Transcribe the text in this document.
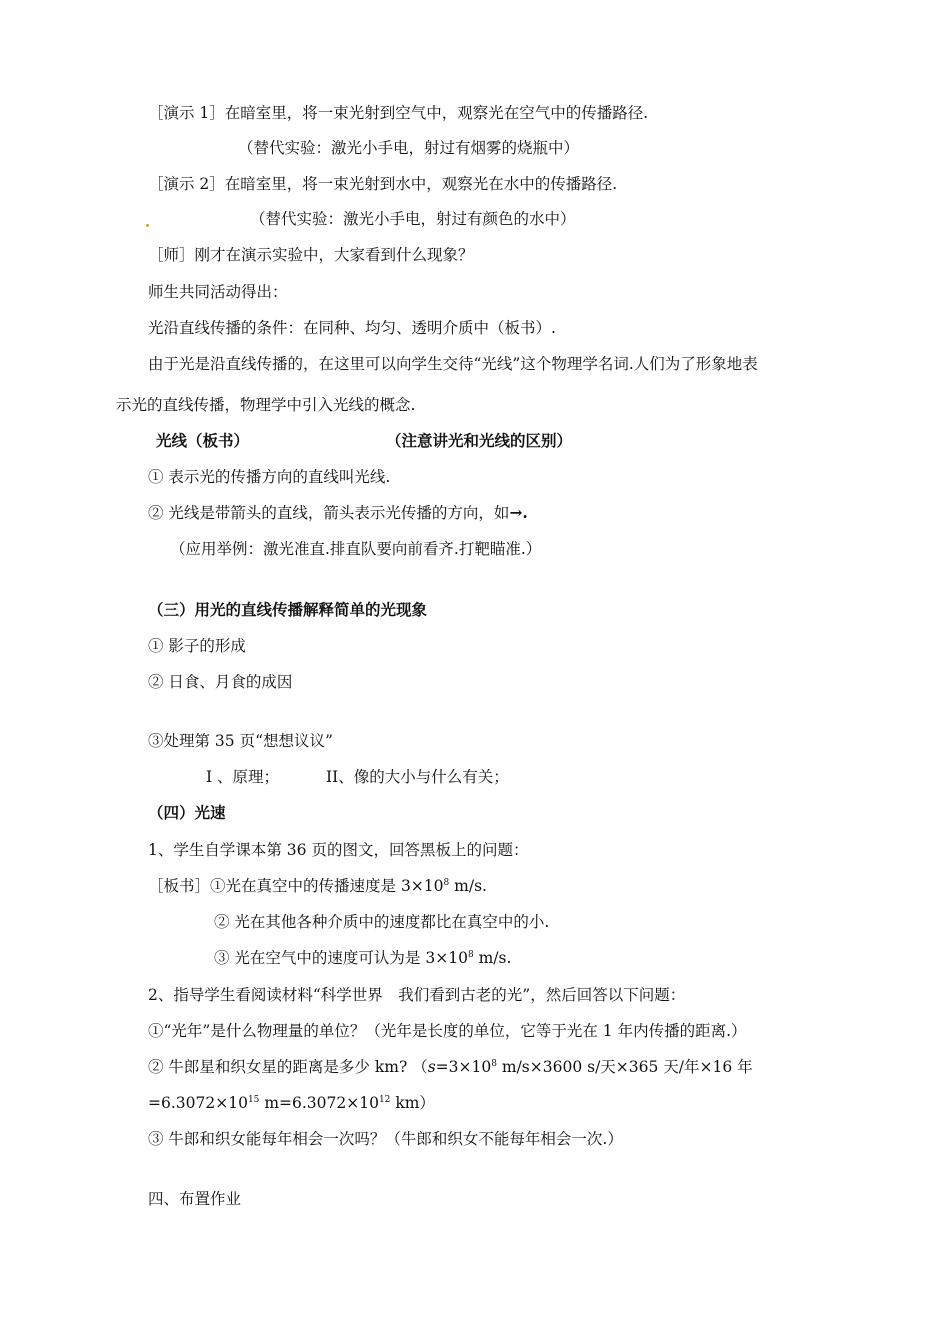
［演示 1］在暗室里，将一束光射到空气中，观察光在空气中的传播路径.
（替代实验：激光小手电，射过有烟雾的烧瓶中）
［演示 2］在暗室里，将一束光射到水中，观察光在水中的传播路径.
（替代实验：激光小手电，射过有颜色的水中）
［师］刚才在演示实验中，大家看到什么现象？
师生共同活动得出：
光沿直线传播的条件：在同种、均匀、透明介质中（板书）.
由于光是沿直线传播的，在这里可以向学生交待“光线”这个物理学名词.人们为了形象地表
示光的直线传播，物理学中引入光线的概念.
光线（板书）	（注意讲光和光线的区别）
① 表示光的传播方向的直线叫光线.
② 光线是带箭头的直线，箭头表示光传播的方向，如→.
（应用举例：激光准直.排直队要向前看齐.打靶瞄准.）
（三）用光的直线传播解释简单的光现象
① 影子的形成
② 日食、月食的成因
③处理第 35 页“想想议议”
Ⅰ 、原理；	II、像的大小与什么有关；
（四）光速
1、学生自学课本第 36 页的图文，回答黑板上的问题：
［板书］①光在真空中的传播速度是 $3\times 10^8$ m/s.
② 光在其他各种介质中的速度都比在真空中的小.
③ 光在空气中的速度可认为是 $3\times 10^8$ m/s.
2、指导学生看阅读材料“科学世界　我们看到古老的光”，然后回答以下问题：
①“光年”是什么物理量的单位？（光年是长度的单位，它等于光在 1 年内传播的距离.）
② 牛郎星和织女星的距离是多少 km? （$s=3\times 10^8$ m/s×3600 s/天×365 天/年×16 年
$=6.3072\times 10^{15}$ $m=6.3072\times 10^{12}$ km）
③ 牛郎和织女能每年相会一次吗？（牛郎和织女不能每年相会一次.）
四、布置作业
